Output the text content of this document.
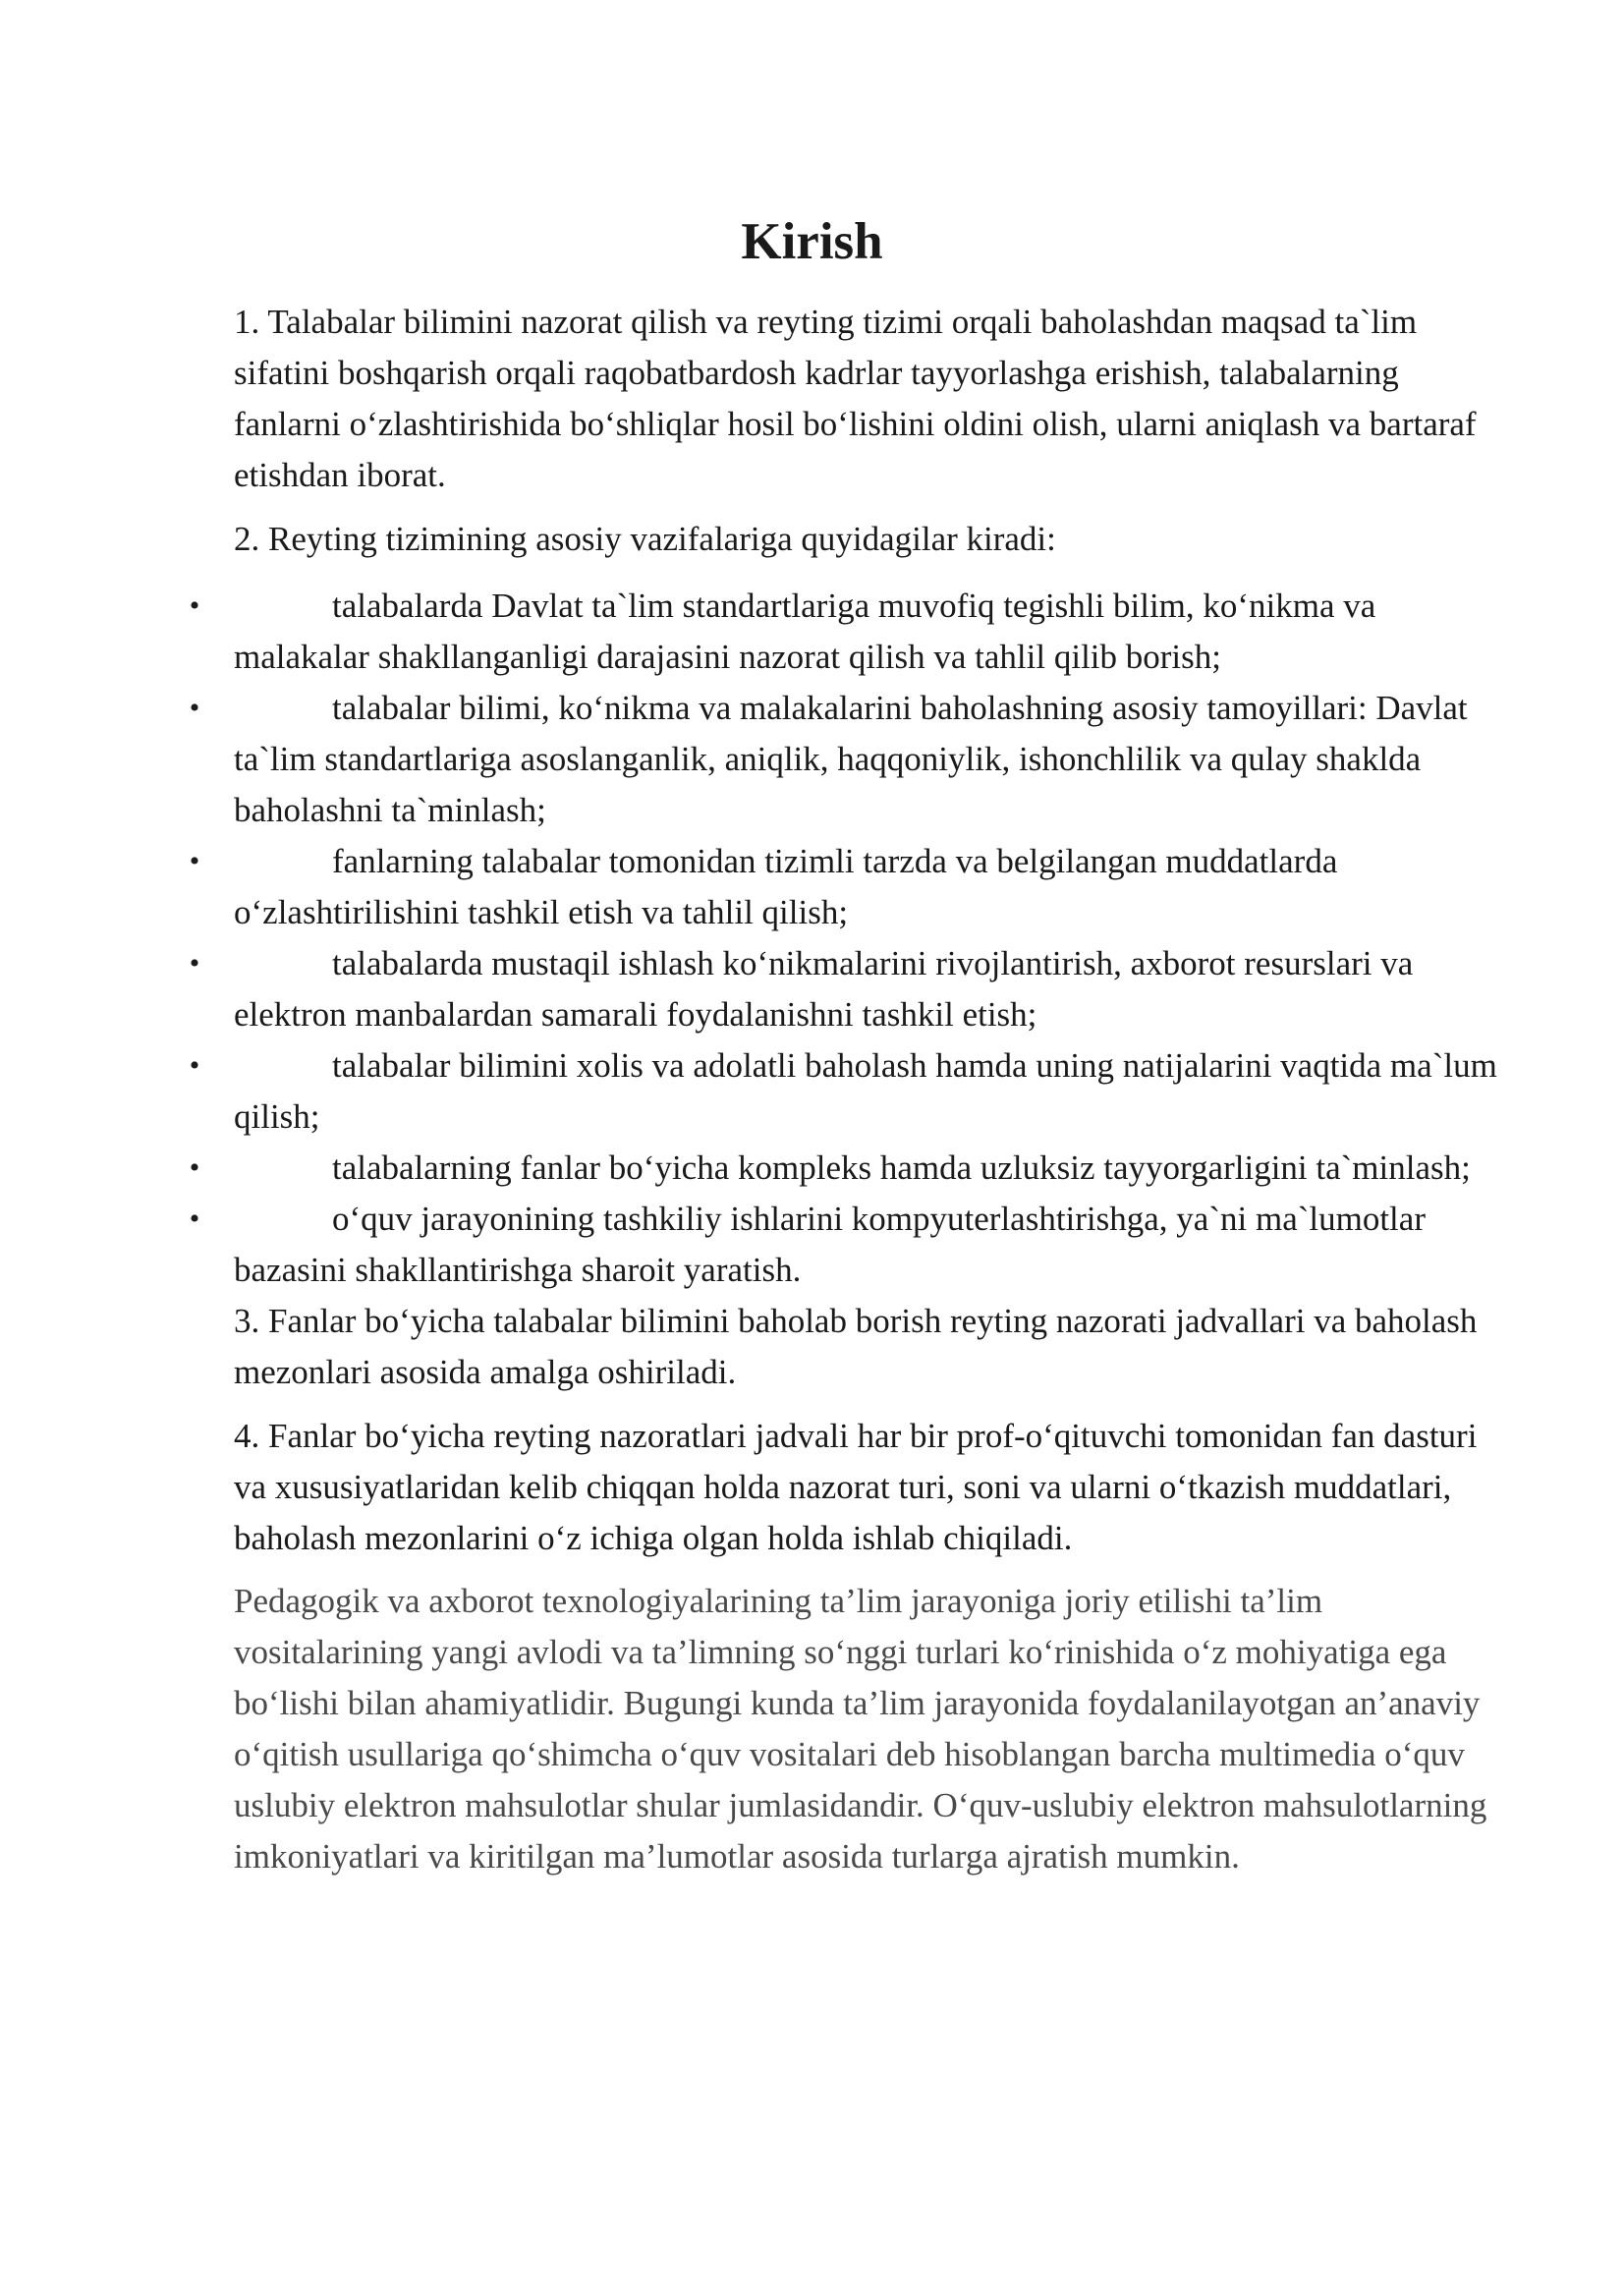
Kirish

1. Talabalar bilimini nazorat qilish va reyting tizimi orqali baholashdan maqsad ta`lim sifatini boshqarish orqali raqobatbardosh kadrlar tayyorlashga erishish, talabalarning fanlarni o‘zlashtirishida bo‘shliqlar hosil bo‘lishini oldini olish, ularni aniqlash va bartaraf etishdan iborat.

2. Reyting tizimining asosiy vazifalariga quyidagilar kiradi:

•	talabalarda Davlat ta`lim standartlariga muvofiq tegishli bilim, ko‘nikma va malakalar shakllanganligi darajasini nazorat qilish va tahlil qilib borish;
•	talabalar bilimi, ko‘nikma va malakalarini baholashning asosiy tamoyillari: Davlat ta`lim standartlariga asoslanganlik, aniqlik, haqqoniylik, ishonchlilik va qulay shaklda baholashni ta`minlash;
•	fanlarning talabalar tomonidan tizimli tarzda va belgilangan muddatlarda o‘zlashtirilishini tashkil etish va tahlil qilish;
•	talabalarda mustaqil ishlash ko‘nikmalarini rivojlantirish, axborot resurslari va elektron manbalardan samarali foydalanishni tashkil etish;
•	talabalar bilimini xolis va adolatli baholash hamda uning natijalarini vaqtida ma`lum qilish;
•	talabalarning fanlar bo‘yicha kompleks hamda uzluksiz tayyorgarligini ta`minlash;
•	o‘quv jarayonining tashkiliy ishlarini kompyuterlashtirishga, ya`ni ma`lumotlar bazasini shakllantirishga sharoit yaratish.

3. Fanlar bo‘yicha talabalar bilimini baholab borish reyting nazorati jadvallari va baholash mezonlari asosida amalga oshiriladi.

4. Fanlar bo‘yicha reyting nazoratlari jadvali har bir prof-o‘qituvchi tomonidan fan dasturi va xususiyatlaridan kelib chiqqan holda nazorat turi, soni va ularni o‘tkazish muddatlari, baholash mezonlarini o‘z ichiga olgan holda ishlab chiqiladi.

Pedagogik va axborot texnologiyalarining ta’lim jarayoniga joriy etilishi ta’lim vositalarining yangi avlodi va ta’limning so‘nggi turlari ko‘rinishida o‘z mohiyatiga ega bo‘lishi bilan ahamiyatlidir. Bugungi kunda ta’lim jarayonida foydalanilayotgan an’anaviy o‘qitish usullariga qo‘shimcha o‘quv vositalari deb hisoblangan barcha multimedia o‘quv uslubiy elektron mahsulotlar shular jumlasidandir. O‘quv-uslubiy elektron mahsulotlarning imkoniyatlari va kiritilgan ma’lumotlar asosida turlarga ajratish mumkin.
